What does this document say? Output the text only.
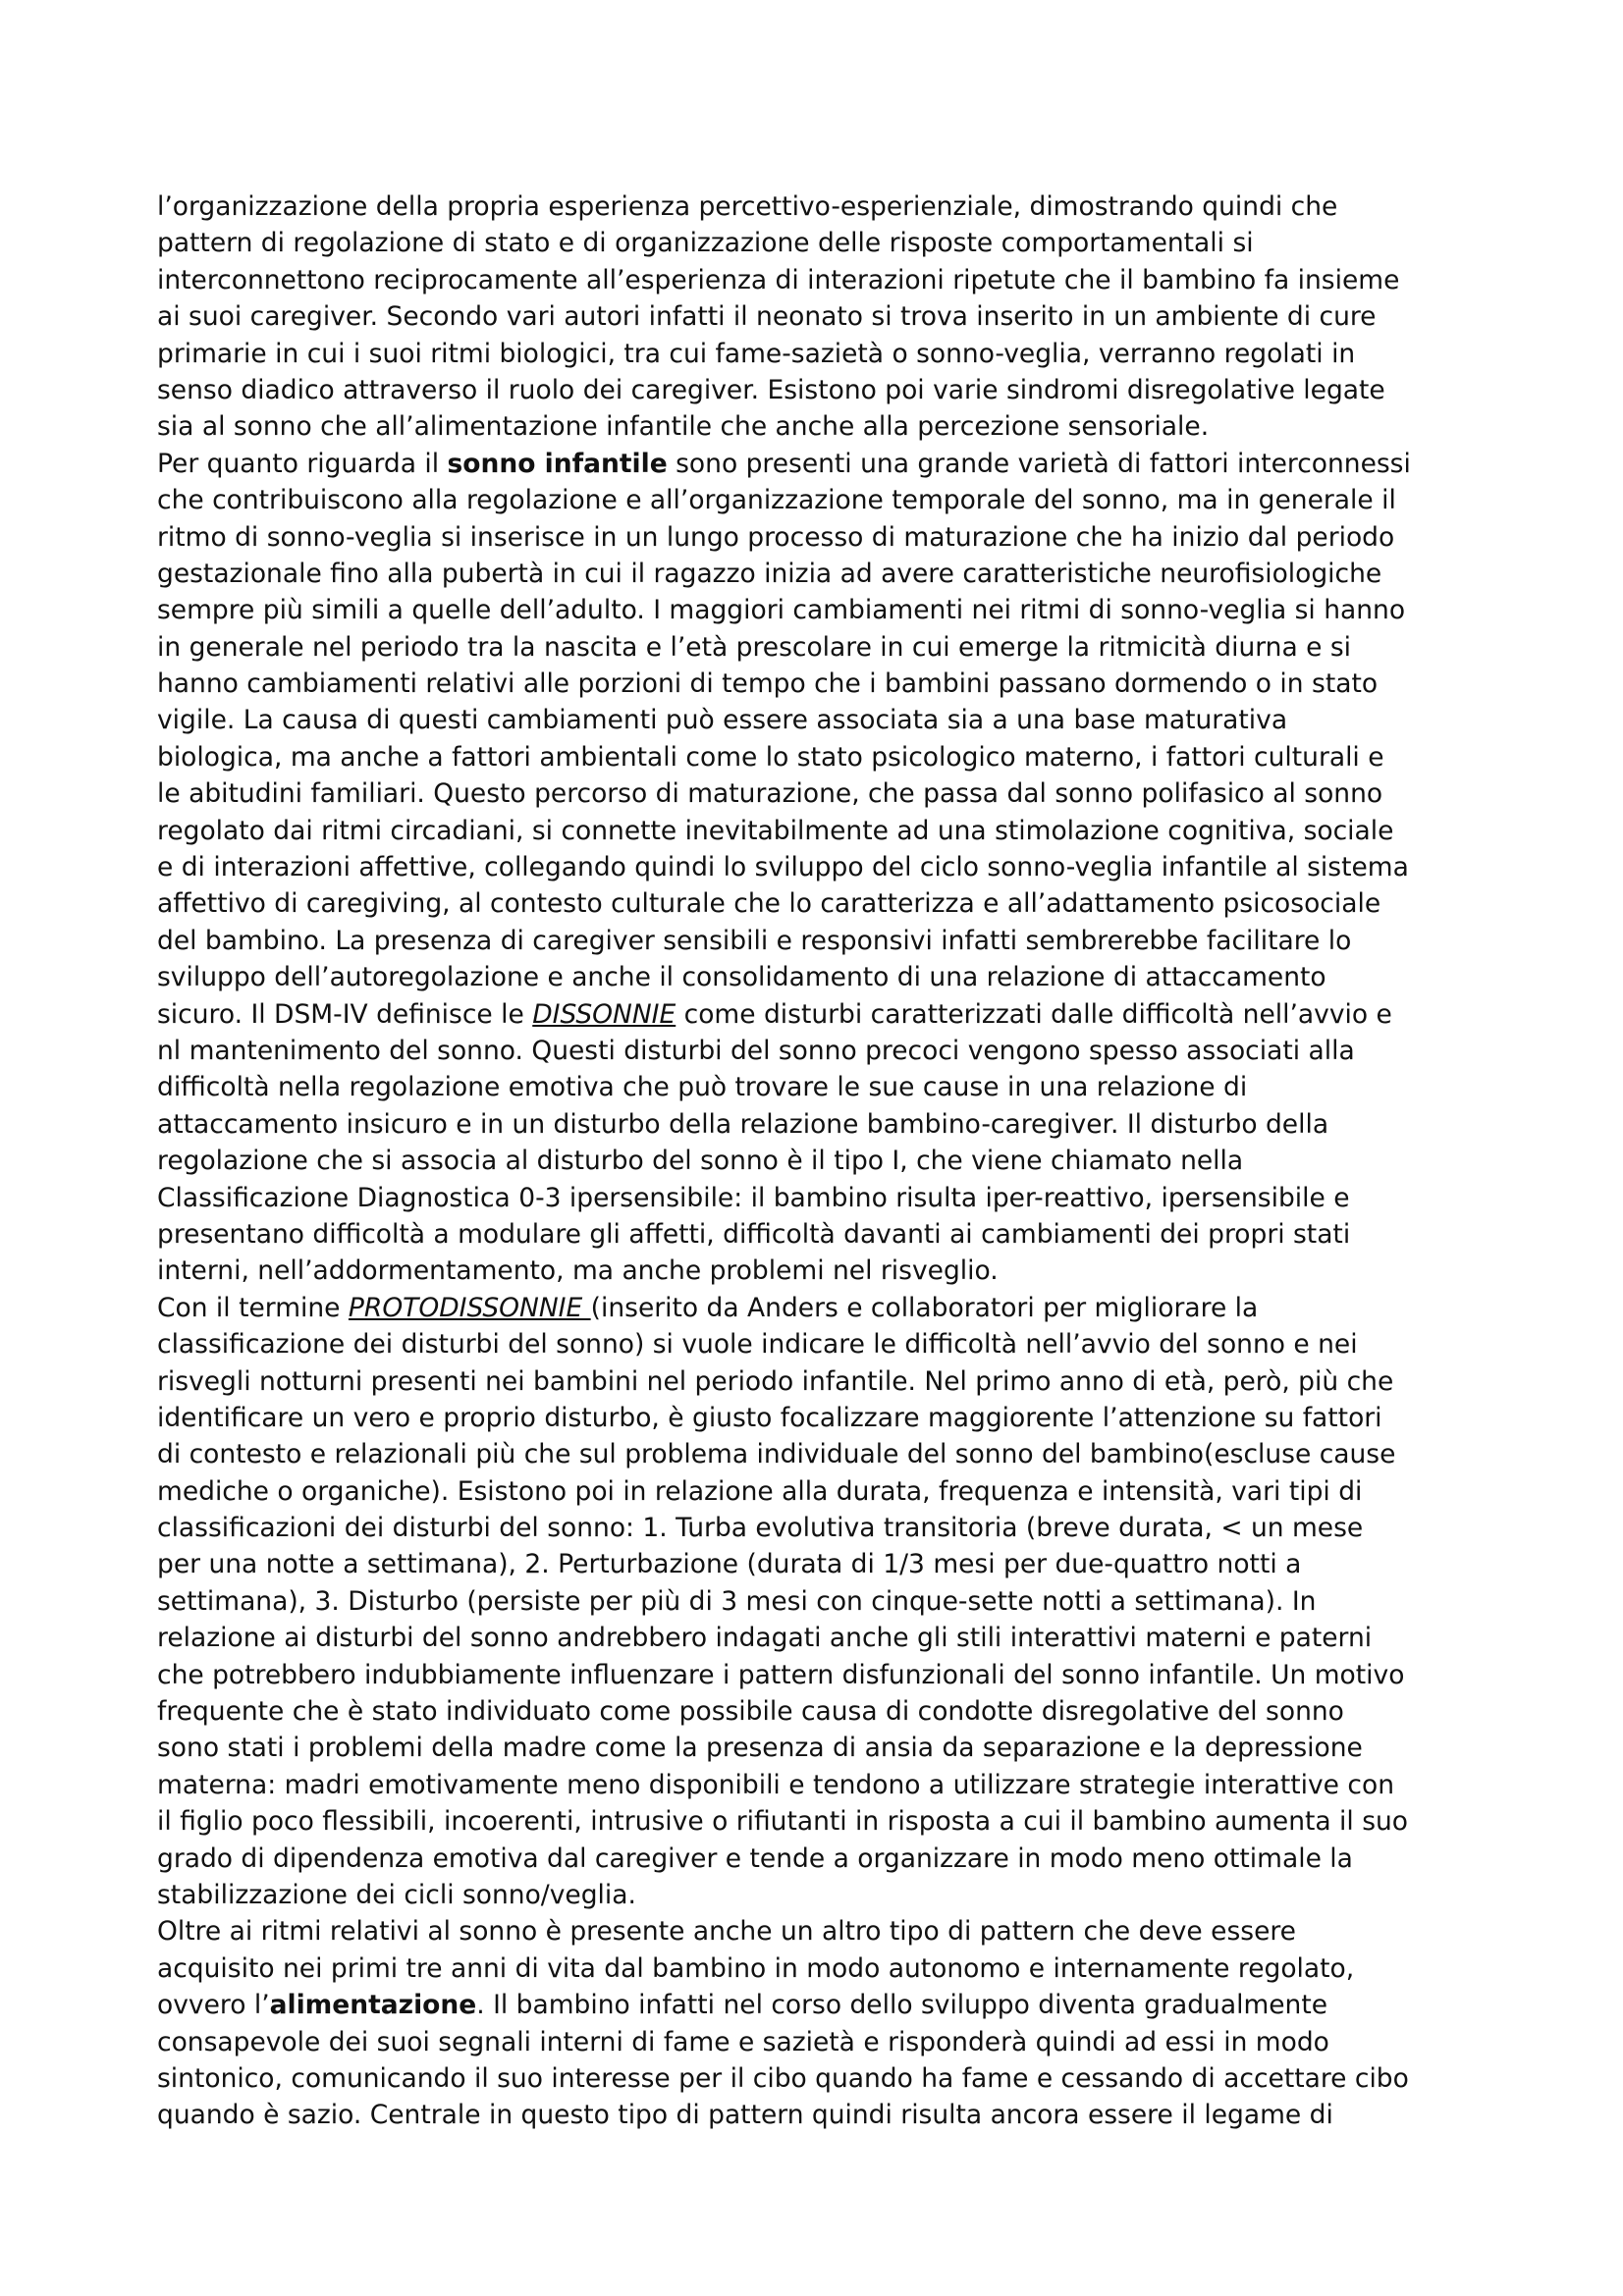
l’organizzazione della propria esperienza percettivo-esperienziale, dimostrando quindi che
pattern di regolazione di stato e di organizzazione delle risposte comportamentali si
interconnettono reciprocamente all’esperienza di interazioni ripetute che il bambino fa insieme
ai suoi caregiver. Secondo vari autori infatti il neonato si trova inserito in un ambiente di cure
primarie in cui i suoi ritmi biologici, tra cui fame-sazietà o sonno-veglia, verranno regolati in
senso diadico attraverso il ruolo dei caregiver. Esistono poi varie sindromi disregolative legate
sia al sonno che all’alimentazione infantile che anche alla percezione sensoriale.
Per quanto riguarda il sonno infantile sono presenti una grande varietà di fattori interconnessi
che contribuiscono alla regolazione e all’organizzazione temporale del sonno, ma in generale il
ritmo di sonno-veglia si inserisce in un lungo processo di maturazione che ha inizio dal periodo
gestazionale fino alla pubertà in cui il ragazzo inizia ad avere caratteristiche neurofisiologiche
sempre più simili a quelle dell’adulto. I maggiori cambiamenti nei ritmi di sonno-veglia si hanno
in generale nel periodo tra la nascita e l’età prescolare in cui emerge la ritmicità diurna e si
hanno cambiamenti relativi alle porzioni di tempo che i bambini passano dormendo o in stato
vigile. La causa di questi cambiamenti può essere associata sia a una base maturativa
biologica, ma anche a fattori ambientali come lo stato psicologico materno, i fattori culturali e
le abitudini familiari. Questo percorso di maturazione, che passa dal sonno polifasico al sonno
regolato dai ritmi circadiani, si connette inevitabilmente ad una stimolazione cognitiva, sociale
e di interazioni affettive, collegando quindi lo sviluppo del ciclo sonno-veglia infantile al sistema
affettivo di caregiving, al contesto culturale che lo caratterizza e all’adattamento psicosociale
del bambino. La presenza di caregiver sensibili e responsivi infatti sembrerebbe facilitare lo
sviluppo dell’autoregolazione e anche il consolidamento di una relazione di attaccamento
sicuro. Il DSM-IV definisce le DISSONNIE come disturbi caratterizzati dalle difficoltà nell’avvio e
nl mantenimento del sonno. Questi disturbi del sonno precoci vengono spesso associati alla
difficoltà nella regolazione emotiva che può trovare le sue cause in una relazione di
attaccamento insicuro e in un disturbo della relazione bambino-caregiver. Il disturbo della
regolazione che si associa al disturbo del sonno è il tipo I, che viene chiamato nella
Classificazione Diagnostica 0-3 ipersensibile: il bambino risulta iper-reattivo, ipersensibile e
presentano difficoltà a modulare gli affetti, difficoltà davanti ai cambiamenti dei propri stati
interni, nell’addormentamento, ma anche problemi nel risveglio.
Con il termine PROTODISSONNIE (inserito da Anders e collaboratori per migliorare la
classificazione dei disturbi del sonno) si vuole indicare le difficoltà nell’avvio del sonno e nei
risvegli notturni presenti nei bambini nel periodo infantile. Nel primo anno di età, però, più che
identificare un vero e proprio disturbo, è giusto focalizzare maggiorente l’attenzione su fattori
di contesto e relazionali più che sul problema individuale del sonno del bambino(escluse cause
mediche o organiche). Esistono poi in relazione alla durata, frequenza e intensità, vari tipi di
classificazioni dei disturbi del sonno: 1. Turba evolutiva transitoria (breve durata, < un mese
per una notte a settimana), 2. Perturbazione (durata di 1/3 mesi per due-quattro notti a
settimana), 3. Disturbo (persiste per più di 3 mesi con cinque-sette notti a settimana). In
relazione ai disturbi del sonno andrebbero indagati anche gli stili interattivi materni e paterni
che potrebbero indubbiamente influenzare i pattern disfunzionali del sonno infantile. Un motivo
frequente che è stato individuato come possibile causa di condotte disregolative del sonno
sono stati i problemi della madre come la presenza di ansia da separazione e la depressione
materna: madri emotivamente meno disponibili e tendono a utilizzare strategie interattive con
il figlio poco flessibili, incoerenti, intrusive o rifiutanti in risposta a cui il bambino aumenta il suo
grado di dipendenza emotiva dal caregiver e tende a organizzare in modo meno ottimale la
stabilizzazione dei cicli sonno/veglia.
Oltre ai ritmi relativi al sonno è presente anche un altro tipo di pattern che deve essere
acquisito nei primi tre anni di vita dal bambino in modo autonomo e internamente regolato,
ovvero l’alimentazione. Il bambino infatti nel corso dello sviluppo diventa gradualmente
consapevole dei suoi segnali interni di fame e sazietà e risponderà quindi ad essi in modo
sintonico, comunicando il suo interesse per il cibo quando ha fame e cessando di accettare cibo
quando è sazio. Centrale in questo tipo di pattern quindi risulta ancora essere il legame di
